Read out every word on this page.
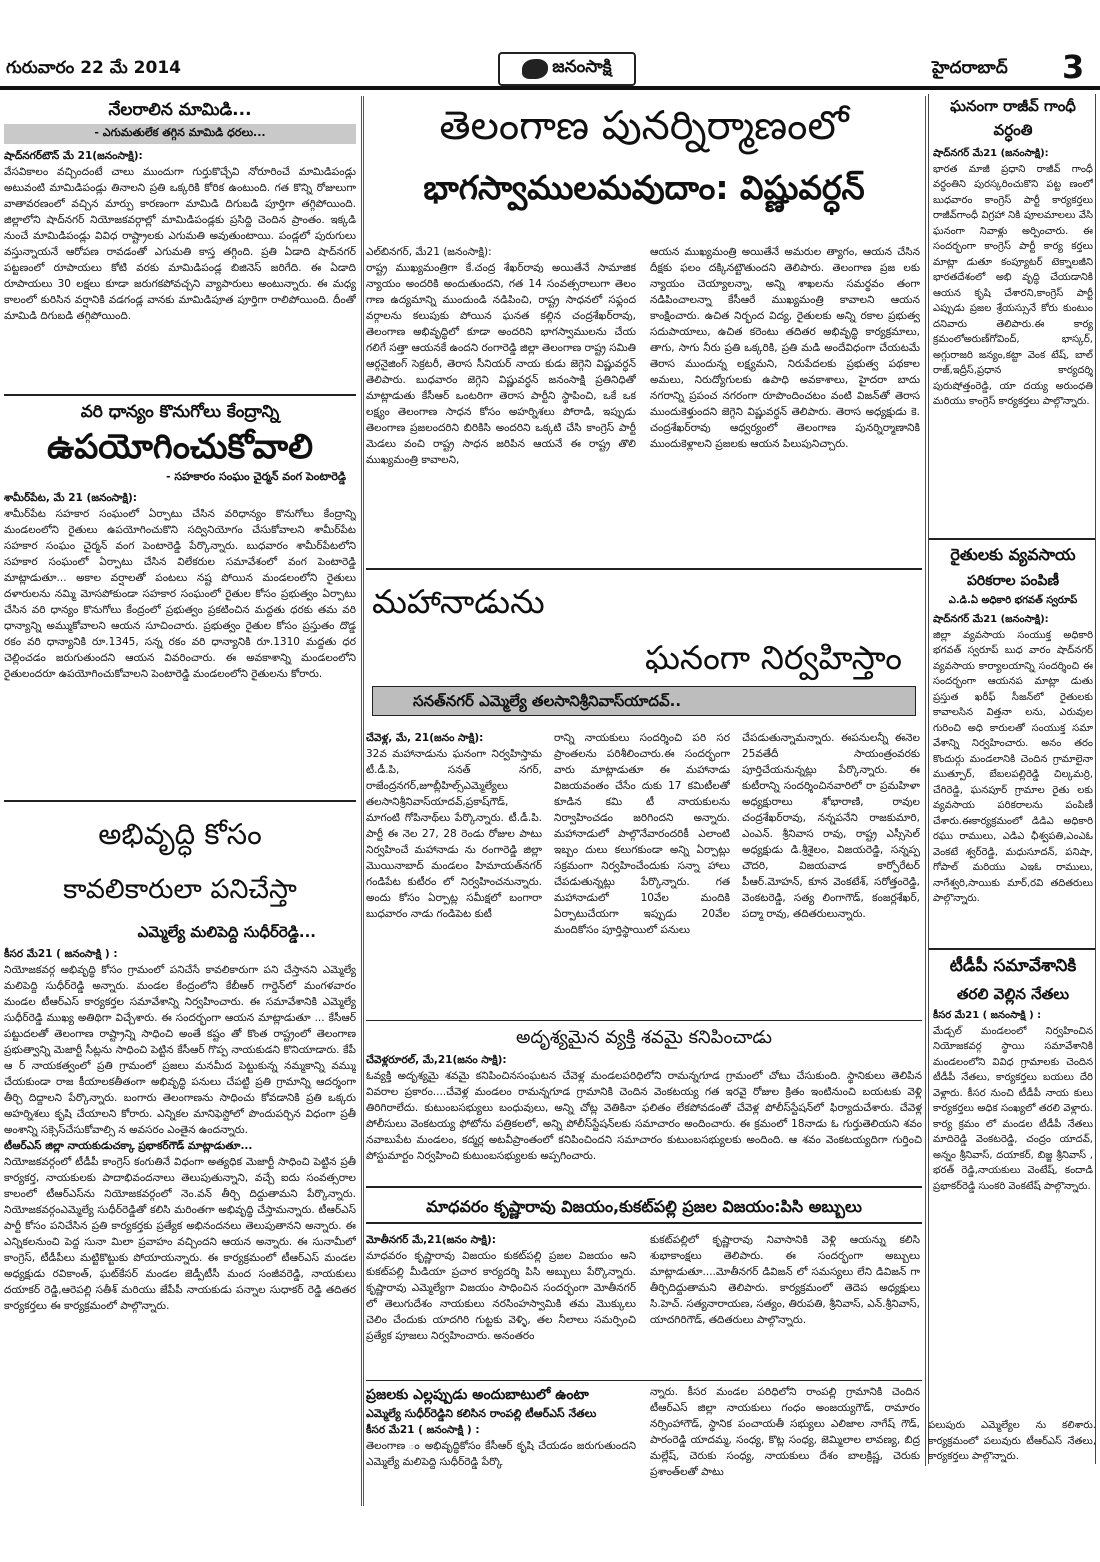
గురువారం 22 మే 2014	జనంసాక్షి	హైదరాబాద్ 3
నేలరాలిన మామిడి...
- ఎగుమతులేక తగ్గిన మామిడి ధరలు...
షాద్‌నగర్‌టౌన్ మే 21(జనంసాక్షి):
వేసవికాలం వచ్చిందంటే చాలు ముందుగా గుర్తుకొచ్చేవి నోరూరించే మామిడిపండ్లు అటువంటి మామిడిపండ్లు తినాలని ప్రతి ఒక్కరికి కోరిక ఉంటుంది. గత కొన్ని రోజులుగా వాతావరణంలో వచ్చిన మార్పు కారణంగా మామిడి దిగుబడి పూర్తిగా తగ్గిపోయింది. జిల్లాలోని షాద్‌నగర్ నియోజకవర్గాల్లో మామిడిపండ్లకు ప్రసిద్ది చెందిన ప్రాంతం. ఇక్కడి నుంచే మామిడిపండ్లు వివిధ రాష్ట్రాలకు ఎగుమతి అవుతుంటాయి. పండ్లలో పురుగులు వస్తున్నాయనే ఆరోపణ రావడంతో ఎగుమతి కాస్త తగ్గింది. ప్రతి ఏడాది షాద్‌నగర్ పట్టణంలో రూపాయలు కోటి వరకు మామిడిపండ్ల బిజినెస్ జరిగేది. ఈ ఏడాది రూపాయలు 30 లక్షలు కూడా జరుగకపోవచ్చని వ్యాపారులు అంటున్నారు. ఈ మధ్య కాలంలో కురిసిన వర్షానికి వడగండ్ల వానకు మామిడిపూత పూర్తిగా రాలిపోయింది. దీంతో మామిడి దిగుబడి తగ్గిపోయింది.
వరి ధాన్యం కొనుగోలు కేంద్రాన్ని
ఉపయోగించుకోవాలి
- సహకారం సంఘం చైర్మన్ వంగ పెంటారెడ్డి
శామీర్‌పేట, మే 21 (జనంసాక్షి):
శామీర్‌పేట సహకార సంఘంలో ఏర్పాటు చేసిన వరిధాన్యం కొనుగోలు కేంద్రాన్ని మండలంలోని రైతులు ఉపయోగించుకొని సద్వినియోగం చేసుకోవాలని శామీర్‌పేట సహకార సంఘం చైర్మన్ వంగ పెంటారెడ్డి పేర్కొన్నారు. బుధవారం శామీర్‌పేటలోని సహకార సంఘంలో ఏర్పాటు చేసిన విలేకరుల సమావేశంలో వంగ పెంటారెడ్డి మాట్లాడుతూ... అకాల వర్షాలతో పంటలు నష్ట పోయిన మండలంలోని రైతులు దళారులను నమ్మి మోసపోకుండా సహకార సంఘంలో రైతుల కోసం ప్రభుత్వం ఏర్పాటు చేసిన వరి ధాన్యం కొనుగోలు కేంద్రంలో ప్రభుత్వం ప్రకటించిన మద్దతు ధరకు తమ వరి ధాన్యాన్ని అమ్ముకోవాలని ఆయన సూచించారు. ప్రభుత్వం రైతుల కోసం ప్రస్తుతం దొడ్డ రకం వరి ధాన్యానికి రూ.1345, సన్న రకం వరి ధాన్యానికి రూ.1310 మద్దతు ధర చెల్లించడం జరుగుతుందని ఆయన వివరించారు. ఈ అవకాశాన్ని మండలంలోని రైతులందరూ ఉపయోగించుకోవాలని పెంటారెడ్డి మండలంలోని రైతులను కోరారు.
అభివృద్ధి కోసం
కావలికారులా పనిచేస్తా
ఎమ్మెల్యే మలిపెద్ది సుధీర్‌రెడ్డి...
కీసర మే21 ( జనంసాక్షి ) :
నియోజకవర్గ అభివృద్ధి కోసం గ్రామంలో పనిచేసే కావలికారుగా పని చేస్తానని ఎమ్మెల్యే మలిపెద్ది సుధీర్‌రెడ్డి అన్నారు. మండల కేంద్రంలోని కేబీఆర్ గార్డెన్‌లో మంగళవారం మండల టీఆర్ఎస్ కార్యకర్తల సమావేశాన్ని నిర్వహించారు. ఈ సమావేశానికి ఎమ్మెల్యే సుధీర్‌రెడ్డి ముఖ్య అతిథిగా విచ్చేశారు. ఈ సందర్భంగా ఆయన మాట్లాడుతూ ... కేసీఆర్ పట్టుదలతో తెలంగాణ రాష్ట్రాన్ని సాధించి అంతే కష్టం తో కొంత రాష్ట్రంలో తెలంగాణ ప్రభుత్వాన్ని మెజార్టీ సీట్లను సాధించి పెట్టిన కేసీఆర్ గొప్ప నాయకుడని కొనియాడారు. కేపీ ఆ ర్ నాయకత్వంలో ప్రతి గ్రామంలో ప్రజలు మనమీద పెట్టుకున్న నమ్మకాన్ని వమ్ము చేయకుండా రాజ కీయాలకతీతంగా అభివృద్ధి పనులు చేపట్టి ప్రతి గ్రామాన్ని ఆదర్శంగా తీర్చి దిద్దాలని పేర్కొన్నారు. బంగారు తెలంగాణను సాధించు కోవడానికి ప్రతి ఒక్కరు అహర్నిశలు కృషి చేయాలని కోరారు. ఎన్నికల మానిఫెస్టోలో పొందుపర్చిన విధంగా ప్రతీ అంశాన్ని సక్సెస్‌చేసుకోవాల్సి న అవసరం ఎంతైన ఉందన్నారు.
టీఆర్ఎస్ జిల్లా నాయకుడుచక్కా ప్రభాకర్‌గౌడ్ మాట్లాడుతూ...
నియోజకవర్గంలో టీడీపీ కాంగ్రెస్ కంగుతినే విధంగా అత్యధిక మెజార్టీ సాధించి పెట్టిన ప్రతీ కార్యకర్త, నాయకులకు పాదాభివందనాలు తెలుపుతున్నాని, వచ్చే ఐదు సంవత్సరాల కాలంలో టీఆర్ఎస్‌ను నియోజకవర్గంలో నెం.వన్ తీర్చి దిద్దుతామని పేర్కొన్నారు. నియోజకవర్గంఎమ్మెల్యే సుధీర్‌రెడ్డితో కలిసి మరింతగా అభివృద్ధి చేస్తామన్నారు. టీఆర్ఎస్ పార్టీ కోసం పనిచేసిన ప్రతి కార్యకర్తకు ప్రత్యేక అభినందనలు తెలుపుతానని అన్నారు. ఈ ఎన్నికలనుంచి పెద్ద సునా మిలా ప్రవాహం వచ్చిందని ఆయన అన్నారు. ఈ సునామీలో కాంగ్రెస్, టీడీపీలు మట్టికొట్టుకు పోయాయన్నారు. ఈ కార్యక్రమంలో టీఆర్ఎస్ మండల అధ్యక్షుడు రవికాంత్, ఘట్‌కేసర్ మండల జెడ్పీటీసీ మంద సంజీవరెడ్డి, నాయకులు దయాకర్ రెడ్డి,ఆరెపల్లి సతీశ్ మరియు జేపీపీ నాయకుడు పన్నాల సుధాకర్ రెడ్డి తదితర కార్యకర్తలు ఈ కార్యక్రమంలో పాల్గొన్నారు.
తెలంగాణ పునర్నిర్మాణంలో
భాగస్వాములమవుదాం: విష్ణువర్ధన్
ఎల్‌బినగర్, మే21 (జనంసాక్షి):
రాష్ట్ర ముఖ్యమంత్రిగా కే.చంద్ర శేఖర్‌రావు అయితేనే సామాజిక న్యాయం అందరికి అందుతుందని, గత 14 సంవత్సరాలుగా తెలం గాణ ఉద్యమాన్ని ముందుండి నడిపించి, రాష్ట్ర సాధనలో సఫ్లంద వర్గాలను కలుపుకు పోయిన ఘనత కల్గిన చంద్రశేఖర్‌రావు, తెలంగాణ అభివృద్ధిలో కూడా అందరిని భాగస్వాములను చేయ గలిగే సత్తా ఆయనకే ఉందని రంగారెడ్డి జిల్లా తెలంగాణ రాష్ట్ర సమితి ఆర్గనైజింగ్ సెక్రటరీ, తెరాస సీనియర్ నాయ కుడు జెగ్గెని విష్ణువర్ధన్ తెలిపారు. బుధవారం జెగ్గెని విష్ణువర్ధన్ జనంసాక్షి ప్రతినిధితో మాట్లాడుతు కేసీఆర్ ఒంటరిగా తెరాస పార్టీని స్థాపించి, ఒకే ఒక లక్ష్యం తెలంగాణ సాధన కోసం అహర్నిశలు పోరాడి, ఇప్పుడు తెలంగాణ ప్రజలందరిని బిరికిసి అందరిని ఒక్కటి చేసి కాంగ్రెస్ పార్టీ మెడలు వంచి రాష్ట్ర సాధన జరిపిన ఆయనే ఈ రాష్ట్ర తొలి ముఖ్యమంత్రి కావాలని,
ఆయన ముఖ్యమంత్రి అయితేనే అమరుల త్యాగం, ఆయన చేసిన దీక్షకు ఫలం దక్కినట్టౌతుందని తెలిపారు. తెలంగాణ ప్రజ లకు న్యాయం చెయ్యాలన్నా, అన్ని శాఖలను సమర్థవం తంగా నడిపించాలన్నా కేసీఆరే ముఖ్యమంత్రి కావాలని ఆయన కాంక్షించారు. ఉచిత నిర్భంద విద్య, రైతులకు అన్ని రకాల ప్రభుత్వ సదుపాయాలు, ఉచిత కరెంటు తదితర అభివృద్ధి కార్యక్రమాలు, తాగు, సాగు నీరు ప్రతి ఒక్కరికి, ప్రతి మడి అందేవిధంగా చేయటమే తెరాస ముందున్న లక్ష్యమని, నిరుపేదలకు ప్రభుత్వ పథకాల అమలు, నిరుద్యోగులకు ఉపాధి అవకాశాలు, హైదరా బాదు నగరాన్ని ప్రపంచ నగరంగా రూపొందించటం వంటి విజన్‌తో తెరాస ముందుకెళ్తుందని జెగ్గెని విష్ణువర్ధన్ తెలిపారు. తెరాస అధ్యక్షుడు కె. చంద్రశేఖర్‌రావు ఆధ్వర్యంలో తెలంగాణ పునర్నిర్మాణానికి ముందుకెళ్లాలని ప్రజలకు ఆయన పిలుపునిచ్చారు.
మహానాడును
ఘనంగా నిర్వహిస్తాం
సనత్‌నగర్ ఎమ్మెల్యే తలసానిశ్రీనివాస్‌యాదవ్..
చేవెళ్ల, మే, 21(జనం సాక్షి):
32వ మహానాడును ఘనంగా నిర్వహిస్తామ టీ.డీ.పి, సనత్ నగర్, రాజేంద్రనగర్,జూబ్లీహిల్స్ఎమ్మెల్యేలు తలసానిశ్రీనివాస్‌యాదవ్,ప్రకాష్‌గౌడ్, మాగంటి గోపినాథ్‌లు పేర్కొన్నారు. టీ.డీ.పి. పార్టీ ఈ నెల 27, 28 రెండు రోజుల పాటు నిర్వహించే మహానాడు ను రంగారెడ్డి జిల్లా మొయినాబాద్ మండలం హిమాయత్‌నగర్ గండిపేట కుటీరం లో నిర్వహించనున్నారు. అందు కోసం ఏర్పాట్ల సమీక్షలో బంగారా బుధవారం నాడు గండిపెట కుటీ
రాన్ని నాయకులు సందర్శించి పరి సర ప్రాంతలను పరిశీలించారు.ఈ సందర్భంగా వారు మాట్లాడుతూ ఈ మహానాడు విజయవంతం చేసేం దుకు 17 కమిటీలతో కూడిన కమి టీ నాయకులను నిర్వాహించడం జరిగిందని అన్నారు. మహానాడులో పాల్గొనేవారందరికీ ఎలాంటి ఇబ్బం దులు కలుగకుండా అన్ని ఏర్పాట్లు సక్రమంగా నిర్వహించేందుకు సన్నా హాలు చేపడుతున్నట్లు పేర్కొన్నారు. గత మహానాడులో 10వేల మందికి ఏర్పాటుచేయగా ఇప్పుడు 20వేల మందికోసం పూర్తిస్థాయిలో పనులు
చేపడుతున్నామన్నారు. ఈపనులన్నీ ఈనెల 25వతేదీ సాయంత్రంవరకు పూర్తిచేయనున్నట్లు పేర్కొన్నారు. ఈ కుటీరాన్ని సందర్శించినవారిలో రా ప్రమహిళా అధ్యక్షురాలు శోభారాణి, రావుల చంద్రశేఖర్‌రావు, నన్నపనేని రాజకుమారి, ఎంఎన్. శ్రీనివాస రావు, రాష్ట్ర ఎస్సీసెల్ అధ్యక్షుడు డి.శ్రీశైలం, విజయరెడ్డి, సన్నప్ప చౌదరి, విజయవాడ కార్పోరేటర్ పీఆర్.మోహన్, కూన వెంకటేశ్, సరోత్తంరెడ్డి, వెంకటరెడ్డి, సత్య లింగాగౌడ్, కంజర్లశేఖర్, పద్మా రావు, తదితరులున్నారు.
అదృశ్యమైన వ్యక్తి శవమై కనిపించాడు
చేవెళ్లరూరల్, మే,21(జనం సాక్షి):
ఓవ్యక్తి అదృశ్యమై శవమై కనిపించినసంఘటన చేవెళ్ల మండలపరిధిలోని రామన్నగూడ గ్రామంలో చోటు చేసుకుంది. స్థానికులు తెలిపిన వివరాల ప్రకారం....చేవెళ్ల మండలం రామన్నగూడ గ్రామానికి చెందిన వెంకటయ్య గత ఇరవై రోజుల క్రితం ఇంటినుంచి బయటకు వెళ్లి తిరిగిరాలేదు. కుటుంబసభ్యులు బంధువులు, అన్ని చోట్ల వెతికినా ఫలితం లేకపోవడంతో చేవెళ్ల పోలీస్‌స్టేషన్‌లో ఫిర్యాదుచేశారు. చేవెళ్ల పోలీసులు వెంకటయ్య ఫోటోను పత్రికలలో, అన్ని పోలీస్‌స్టేషన్‌లకు సమాచారం అందించారు. ఈ క్రమంలో 18నాడు ఓ గుర్తుతెలియని శవం నవాబుపేట మండలం, కద్మర్ల అటవీప్రాంతంలో కనిపించిందని సమాచారం కుటుంబసభ్యులకు అందింది. ఆ శవం వెంకటయ్యదిగా గుర్తించి పోస్టుమార్టం నిర్వహించి కుటుంబసభ్యులకు అప్పగించారు.
మాధవరం కృష్ణారావు విజయం,కుకట్‌పల్లి ప్రజల విజయం:పిసి అబ్బులు
మోతీనగర్ మే,21(జనం సాక్షి):
మాధవరం కృష్ణారావు విజయం కుకట్‌పల్లి ప్రజల విజయం అని కుకట్‌పల్లి మీడియా ప్రచార కార్యదర్శి పిసి అబ్బులు పేర్కొన్నారు. కృష్ణారావు ఎమ్మెల్యేగా విజయం సాధించిన సందర్భంగా మోతీనగర్ లో తెలుగుదేశం నాయకులు నరసింహస్వామికి తమ మొక్కులు చెలిం చేందుకు యాదగిరి గుట్టకు వెళ్ళి, తల నీలాలు సమర్పించి ప్రత్యేక పూజలు నిర్వహించారు. అనంతరం
కుకట్‌పల్లిలో కృష్ణారావు నివాసానికి వెళ్లి ఆయన్ను కలిసి శుభాకాంక్షలు తెలిపారు. ఈ సందర్భంగా అబ్బులు మాట్లాడుతూ....మోతీనగర్ డివిజన్ లో సమస్యలు లేని డివిజన్ గా తీర్చిదిద్దుతామని తెలిపారు. కార్యక్రమంలో తెదెప అధ్యక్షులు సి.హెచ్. సత్యనారాయణ, సత్యం, తిరుపతి, శ్రీనివాస్, ఎన్.శ్రీనివాస్, యాదగిరిగౌడ్, తదితరులు పాల్గొన్నారు.
ప్రజలకు ఎల్లప్పుడు అందుబాటులో ఉంటా
ఎమ్మెల్యే సుధీర్‌రెడ్డిని కలిసిన రాంపల్లి టీఆర్ఎస్ నేతలు
కీసర మే21 ( జనంసాక్షి ) :
తెలంగాణ ం అభివృద్ధికోసం కేసీఆర్ కృషి చేయడం జరుగుతుందని ఎమ్మెల్యే మలిపెద్ది సుధీర్‌రెడ్డి పేర్కొ
న్నారు. కీసర మండల పరిధిలోని రాంపల్లి గ్రామానికి చెందిన టీఆర్ఎస్ జిల్లా నాయకులు గంధం అంజయ్యగౌడ్, రామారం నర్సింహాగౌడ్, స్థానిక పంచాయతీ సభ్యులు ఎలిజాల నాగేష్ గౌడ్, పారంరెడ్డి యాదమ్మ, సంధ్య, కొట్ల సంధ్య, జెమ్మిలాల లావణ్య, బిద్ర మల్లేష్, చెరుకు సంధ్య, నాయకులు దేశం బాలక్రిష్ణ, చెరుకు ప్రశాంత్‌లతో పాటు
ఘనంగా రాజీవ్ గాంధీ వర్ధంతి
షాద్‌నగర్ మే21 (జనంసాక్షి):
భారత మాజీ ప్రధాని రాజీవ్ గాంధీ వర్ధంతిని పురస్కరించుకొని పట్ట ణంలో బుధవారం కాంగ్రెస్ పార్టీ కార్యకర్తలు రాజీవ్‌గాంధీ విగ్రహా నికి పూలమాలలు వేసి ఘనంగా నివాళ్లు అర్పించారు. ఈ సందర్భంగా కాంగ్రెస్ పార్టీ కార్య కర్తలు మాట్లా డుతూ కంప్యూటర్ టెక్నాలజీని భారతదేశంలో అభి వృద్ధి చేయడానికి ఆయన కృషి చేశారని,కాంగ్రెస్ పార్టీ ఎప్పుడు ప్రజల శ్రేయస్సునే కోరు కుంటుం దనివారు తెలిపారు.ఈ కార్య క్రమంలోఅరుణ్‌గోవింద్, భాస్కర్, అగ్గురాజరి జన్యం,కట్టా వెంక టేష్, బాల్ రాజ్,ఇద్రీస్,ప్రధాన కార్యదర్శి పురుషోత్తంరెడ్డి, యా దయ్య అరుంధతి మరియు కాంగ్రెస్ కార్యకర్తలు పాల్గొన్నారు.
రైతులకు వ్యవసాయ
పరికరాల పంపిణీ
ఎ.డి.ఏ అధికారి భగవత్ స్వరూప్
షాద్‌నగర్ మే21 (జనంసాక్షి):
జిల్లా వ్యవసాయ సంయుక్త అధికారి భగవత్ స్వరూప్ బుధ వారం షాద్‌నగర్ వ్యవసాయ కార్యాలయాన్ని సందర్శించి ఈ సందర్భంగా ఆయనప మాట్లా డుతు ప్రస్తుత ఖరీఫ్ సీజన్‌లో రైతులకు కావాలసిన విత్తనా లను, ఎరువుల గురించి అధి కారులతో సంయుక్త సమా వేశాన్ని నిర్వహించారు. అనం తరం కొందుర్గు మండలానికి చెందిన గ్రామాలైనా ముత్పూర్, బేబలపల్లిరెడ్డి చిల్కమర్రి, చేగిరెడ్డి, ఘనపూర్ గ్రామాల రైతు లకు వ్యవసాయ పరికరాలను పంపిణీ చేశారు.ఈకార్యక్రమంలో డిడిఎ అధికారి రఘు రాములు, ఎడిఎ ఛీశ్వపతి,ఎంఎఓ వెంకటే శ్వర్‌రెడ్డి, మధుసూదన్, పనిషా, గోపాల్ మరియు ఎఇఓ రాములు, నాగేశ్వరి,సాయికు మార్,రవి తదితరులు పాల్గొన్నారు.
టీడీపీ సమావేశానికి
తరలి వెల్లిన నేతలు
కీసర మే21 ( జనంసాక్షి ) :
మేడ్చల్ మండలంలో నిర్వహించిన నియోజకవర్గ స్థాయి సమావేశానికి మండలంలోని వివిధ గ్రామాలకు చెందిన టీడీపీ నేతలు, కార్యకర్తలు బయలు దేరి వెళ్లారు. కీసర నుంచి టీడీపీ నాయ కులు కార్యకర్తలు అధిక సంఖ్యలో తరలి వెళ్లారు. కార్య క్రమం లో మండల టీడీపీ నేతలు మాదిరెడ్డి వెంకటరెడ్డి, చంద్రం యాదవ్, అన్నం శ్రీనివాస్, దయాకర్, బిజ్జ శ్రీనివాస్ , భరత్ రెడ్డి,నాయకులు వెంటేష్, కందాడి ప్రభాకర్‌రెడ్డి సుంకరి వెంకటేష్ పాల్గొన్నారు.
పలుపురు ఎమ్మెల్యేల ను కలిశారు. కార్యక్రమంలో పలువురు టీఆర్ఎస్ నేతలు, కార్యకర్తలు పాల్గొన్నారు.
